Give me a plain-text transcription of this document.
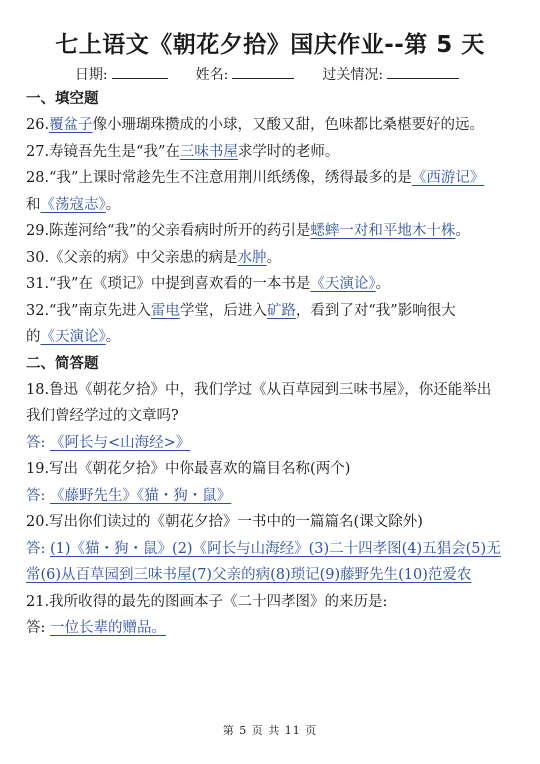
七上语文《朝花夕拾》国庆作业--第 5 天
日期:	姓名:	过关情况:
一、填空题
26.覆盆子像小珊瑚珠攒成的小球，又酸又甜，色味都比桑椹要好的远。
27.寿镜吾先生是“我”在三味书屋求学时的老师。
28.“我”上课时常趁先生不注意用荆川纸绣像，绣得最多的是《西游记》
和《荡寇志》。
29.陈莲河给“我”的父亲看病时所开的药引是蟋蟀一对和平地木十株。
30.《父亲的病》中父亲患的病是水肿。
31.“我”在《琐记》中提到喜欢看的一本书是《天演论》。
32.“我”南京先进入雷电学堂，后进入矿路，看到了对“我”影响很大
的《天演论》。
二、简答题
18.鲁迅《朝花夕拾》中，我们学过《从百草园到三味书屋》，你还能举出
我们曾经学过的文章吗?
答: 《阿长与<山海经>》
19.写出《朝花夕拾》中你最喜欢的篇目名称(两个)
答: 《藤野先生》《猫・狗・鼠》
20.写出你们读过的《朝花夕拾》一书中的一篇篇名(课文除外)
答: (1)《猫・狗・鼠》(2)《阿长与山海经》(3)二十四孝图(4)五猖会(5)无
常(6)从百草园到三味书屋(7)父亲的病(8)琐记(9)藤野先生(10)范爱农
21.我所收得的最先的图画本子《二十四孝图》的来历是:
答: 一位长辈的赠品。
第 5 页 共 11 页
